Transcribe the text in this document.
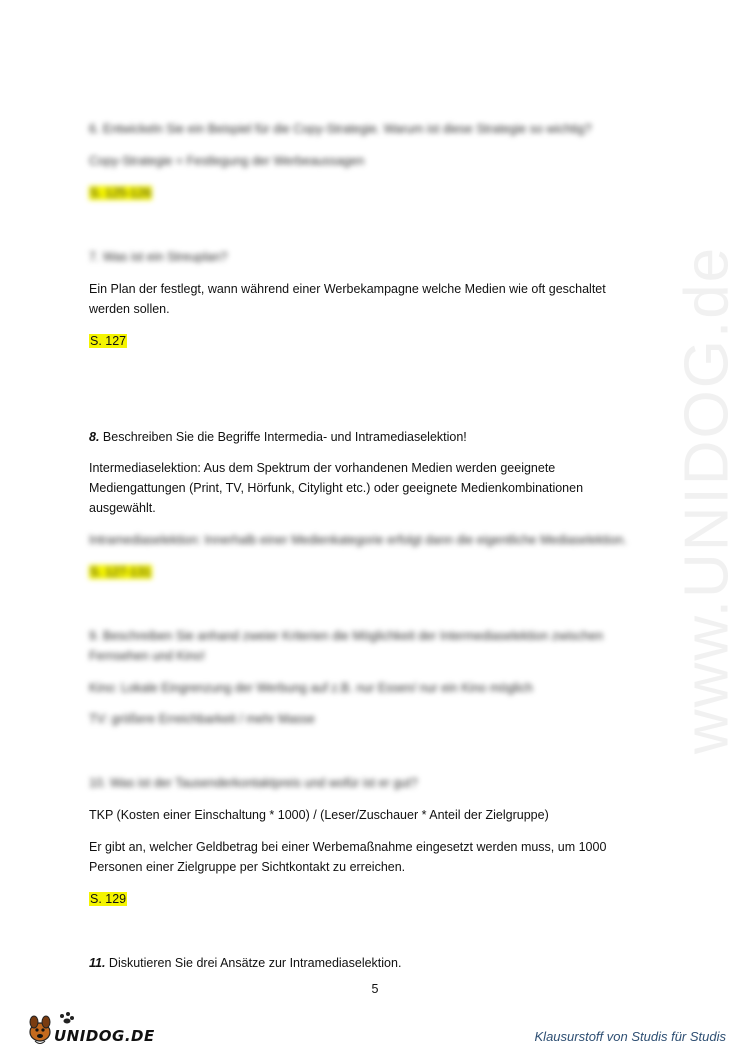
www.UNIDOG.de
6. Entwickeln Sie ein Beispiel für die Copy-Strategie. Warum ist diese Strategie so wichtig?
Copy-Strategie = Festlegung der Werbeaussagen
S. 125-126
7. Was ist ein Streuplan?
Ein Plan der festlegt, wann während einer Werbekampagne welche Medien wie oft geschaltet
werden sollen.
S. 127
8. Beschreiben Sie die Begriffe Intermedia- und Intramediaselektion!
Intermediaselektion: Aus dem Spektrum der vorhandenen Medien werden geeignete
Mediengattungen (Print, TV, Hörfunk, Citylight etc.) oder geeignete Medienkombinationen
ausgewählt.
Intramediaselektion: Innerhalb einer Medienkategorie erfolgt dann die eigentliche Mediaselektion.
S. 127-131
9. Beschreiben Sie anhand zweier Kriterien die Möglichkeit der Intermediaselektion zwischen
Fernsehen und Kino!
Kino: Lokale Eingrenzung der Werbung auf z.B. nur Essen/ nur ein Kino möglich
TV: größere Erreichbarkeit / mehr Masse
10. Was ist der Tausenderkontaktpreis und wofür ist er gut?
TKP (Kosten einer Einschaltung * 1000) / (Leser/Zuschauer * Anteil der Zielgruppe)
Er gibt an, welcher Geldbetrag bei einer Werbemaßnahme eingesetzt werden muss, um 1000
Personen einer Zielgruppe per Sichtkontakt zu erreichen.
S. 129
11. Diskutieren Sie drei Ansätze zur Intramediaselektion.
5
UNIDOG.DE	Klausurstoff von Studis für Studis
